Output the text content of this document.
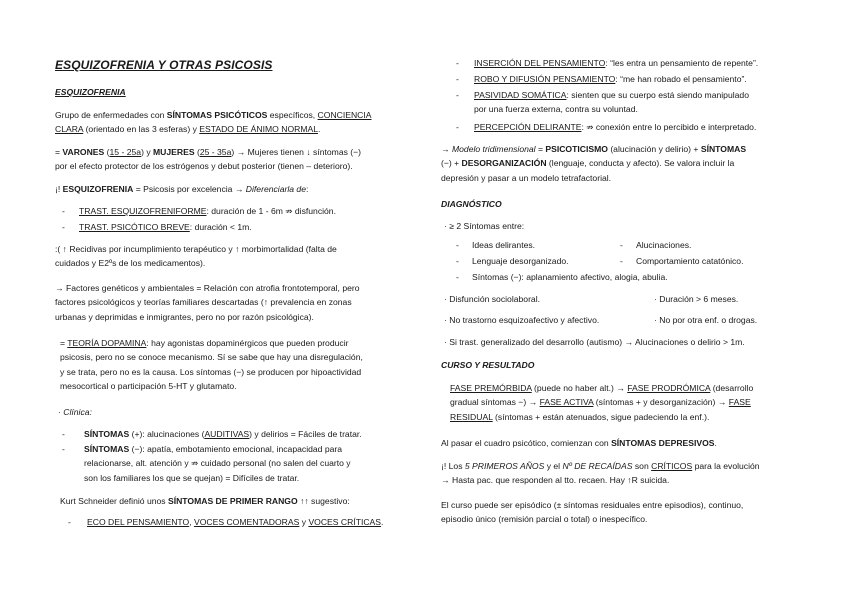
ESQUIZOFRENIA Y OTRAS PSICOSIS
ESQUIZOFRENIA
Grupo de enfermedades con SÍNTOMAS PSICÓTICOS específicos, CONCIENCIA
CLARA (orientado en las 3 esferas) y ESTADO DE ÁNIMO NORMAL.
= VARONES (15 - 25a) y MUJERES (25 - 35a) → Mujeres tienen ↓ síntomas (−)
por el efecto protector de los estrógenos y debut posterior (tienen – deterioro).
¡! ESQUIZOFRENIA = Psicosis por excelencia → Diferenciarla de:
- TRAST. ESQUIZOFRENIFORME: duración de 1 - 6m ⇏ disfunción.
- TRAST. PSICÓTICO BREVE: duración < 1m.
:( ↑ Recidivas por incumplimiento terapéutico y ↑ morbimortalidad (falta de
cuidados y E2ºs de los medicamentos).
→ Factores genéticos y ambientales = Relación con atrofia frontotemporal, pero
factores psicológicos y teorías familiares descartadas (↑ prevalencia en zonas
urbanas y deprimidas e inmigrantes, pero no por razón psicológica).
= TEORÍA DOPAMINA: hay agonistas dopaminérgicos que pueden producir
psicosis, pero no se conoce mecanismo. Sí se sabe que hay una disregulación,
y se trata, pero no es la causa. Los síntomas (−) se producen por hipoactividad
mesocortical o participación 5-HT y glutamato.
· Clínica:
- SÍNTOMAS (+): alucinaciones (AUDITIVAS) y delirios = Fáciles de tratar.
- SÍNTOMAS (−): apatía, embotamiento emocional, incapacidad para
relacionarse, alt. atención y ⇏ cuidado personal (no salen del cuarto y
son los familiares los que se quejan) = Difíciles de tratar.
Kurt Schneider definió unos SÍNTOMAS DE PRIMER RANGO ↑↑ sugestivo:
- ECO DEL PENSAMIENTO, VOCES COMENTADORAS y VOCES CRÍTICAS.
- INSERCIÓN DEL PENSAMIENTO: “les entra un pensamiento de repente”.
- ROBO Y DIFUSIÓN PENSAMIENTO: “me han robado el pensamiento”.
- PASIVIDAD SOMÁTICA: sienten que su cuerpo está siendo manipulado
por una fuerza externa, contra su voluntad.
- PERCEPCIÓN DELIRANTE: ⇏ conexión entre lo percibido e interpretado.
→ Modelo tridimensional = PSICOTICISMO (alucinación y delirio) + SÍNTOMAS
(−) + DESORGANIZACIÓN (lenguaje, conducta y afecto). Se valora incluir la
depresión y pasar a un modelo tetrafactorial.
DIAGNÓSTICO
· ≥ 2 Síntomas entre:
- Ideas delirantes.
- Lenguaje desorganizado.
- Síntomas (−): aplanamiento afectivo, alogia, abulia.
- Alucinaciones.
- Comportamiento catatónico.
· Disfunción sociolaboral.
· No trastorno esquizoafectivo y afectivo.
· Duración > 6 meses.
· No por otra enf. o drogas.
· Si trast. generalizado del desarrollo (autismo) → Alucinaciones o delirio > 1m.
CURSO Y RESULTADO
FASE PREMÓRBIDA (puede no haber alt.) → FASE PRODRÓMICA (desarrollo
gradual síntomas −) → FASE ACTIVA (síntomas + y desorganización) → FASE
RESIDUAL (síntomas + están atenuados, sigue padeciendo la enf.).
Al pasar el cuadro psicótico, comienzan con SÍNTOMAS DEPRESIVOS.
¡! Los 5 PRIMEROS AÑOS y el Nº DE RECAÍDAS son CRÍTICOS para la evolución
→ Hasta pac. que responden al tto. recaen. Hay ↑R suicida.
El curso puede ser episódico (± síntomas residuales entre episodios), continuo,
episodio único (remisión parcial o total) o inespecífico.
